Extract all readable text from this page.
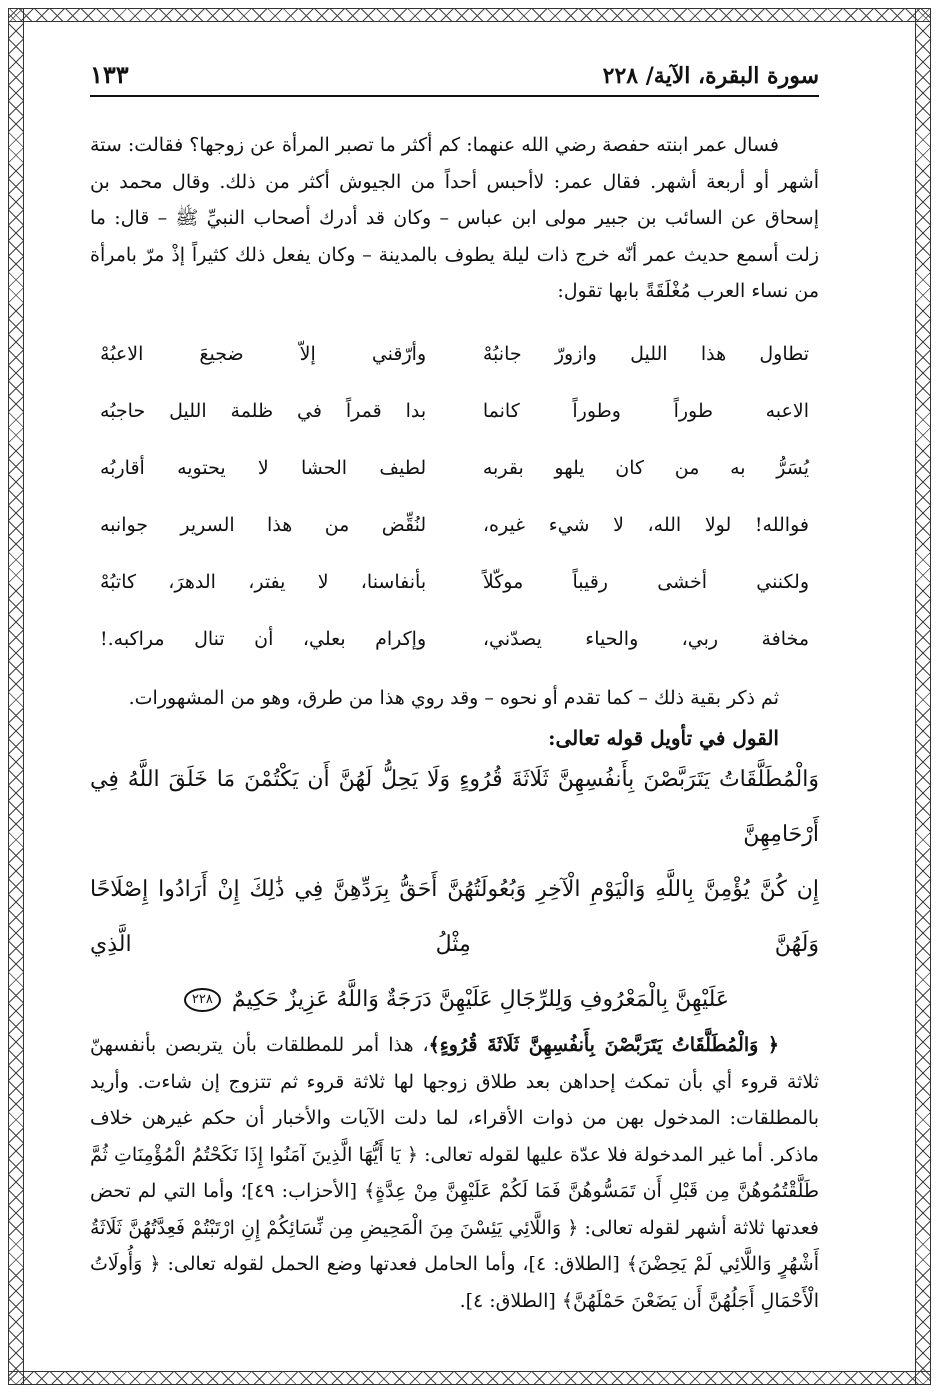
سورة البقرة، الآية/ ٢٢٨
١٣٣

فسال عمر ابنته حفصة رضي الله عنهما: كم أكثر ما تصبر المرأة عن زوجها؟ فقالت: ستة أشهر أو أربعة أشهر. فقال عمر: لاأحبس أحداً من الجيوش أكثر من ذلك. وقال محمد بن إسحاق عن السائب بن جبير مولى ابن عباس – وكان قد أدرك أصحاب النبيِّ ﷺ – قال: ما زلت أسمع حديث عمر أنّه خرج ذات ليلة يطوف بالمدينة – وكان يفعل ذلك كثيراً إذْ مرّ بامرأة من نساء العرب مُغْلَقَةً بابها تقول:

تطاول هذا الليل وازورّ جانبُهْ
وأرّقني إلاّ ضجيعَ الاعبُهْ
الاعبه طوراً وطوراً كانما
بدا قمراً في ظلمة الليل حاجبُه
يُسَرُّ به من كان يلهو بقربه
لطيف الحشا لا يحتويه أقاربُه
فوالله! لولا الله، لا شيء غيره،
لنُقِّض من هذا السرير جوانبه
ولكنني أخشى رقيباً موكّلاً
بأنفاسنا، لا يفتر، الدهرَ، كاتبُهْ
مخافة ربي، والحياء يصدّني،
وإكرام بعلي، أن تنال مراكبه.!

ثم ذكر بقية ذلك – كما تقدم أو نحوه – وقد روي هذا من طرق، وهو من المشهورات.

القول في تأويل قوله تعالى:

وَالْمُطَلَّقَاتُ يَتَرَبَّصْنَ بِأَنفُسِهِنَّ ثَلَاثَةَ قُرُوءٍ وَلَا يَحِلُّ لَهُنَّ أَن يَكْتُمْنَ مَا خَلَقَ اللَّهُ فِي أَرْحَامِهِنَّ

إِن كُنَّ يُؤْمِنَّ بِاللَّهِ وَالْيَوْمِ الْآخِرِ وَبُعُولَتُهُنَّ أَحَقُّ بِرَدِّهِنَّ فِي ذَٰلِكَ إِنْ أَرَادُوا إِصْلَاحًا وَلَهُنَّ مِثْلُ الَّذِي

عَلَيْهِنَّ بِالْمَعْرُوفِ وَلِلرِّجَالِ عَلَيْهِنَّ دَرَجَةٌ وَاللَّهُ عَزِيزٌ حَكِيمٌ ٢٢٨

﴿ وَالْمُطَلَّقَاتُ يَتَرَبَّصْنَ بِأَنفُسِهِنَّ ثَلَاثَةَ قُرُوءٍ﴾، هذا أمر للمطلقات بأن يتربصن بأنفسهنّ ثلاثة قروء أي بأن تمكث إحداهن بعد طلاق زوجها لها ثلاثة قروء ثم تتزوج إن شاءت. وأريد بالمطلقات: المدخول بهن من ذوات الأقراء، لما دلت الآيات والأخبار أن حكم غيرهن خلاف ماذكر. أما غير المدخولة فلا عدّة عليها لقوله تعالى: ﴿ يَا أَيُّهَا الَّذِينَ آمَنُوا إِذَا نَكَحْتُمُ الْمُؤْمِنَاتِ ثُمَّ طَلَّقْتُمُوهُنَّ مِن قَبْلِ أَن تَمَسُّوهُنَّ فَمَا لَكُمْ عَلَيْهِنَّ مِنْ عِدَّةٍ﴾ [الأحزاب: ٤٩]؛ وأما التي لم تحض فعدتها ثلاثة أشهر لقوله تعالى: ﴿ وَاللَّائِي يَئِسْنَ مِنَ الْمَحِيضِ مِن نِّسَائِكُمْ إِنِ ارْتَبْتُمْ فَعِدَّتُهُنَّ ثَلَاثَةُ أَشْهُرٍ وَاللَّائِي لَمْ يَحِضْنَ﴾ [الطلاق: ٤]، وأما الحامل فعدتها وضع الحمل لقوله تعالى: ﴿ وَأُولَاتُ الْأَحْمَالِ أَجَلُهُنَّ أَن يَضَعْنَ حَمْلَهُنَّ﴾ [الطلاق: ٤].
